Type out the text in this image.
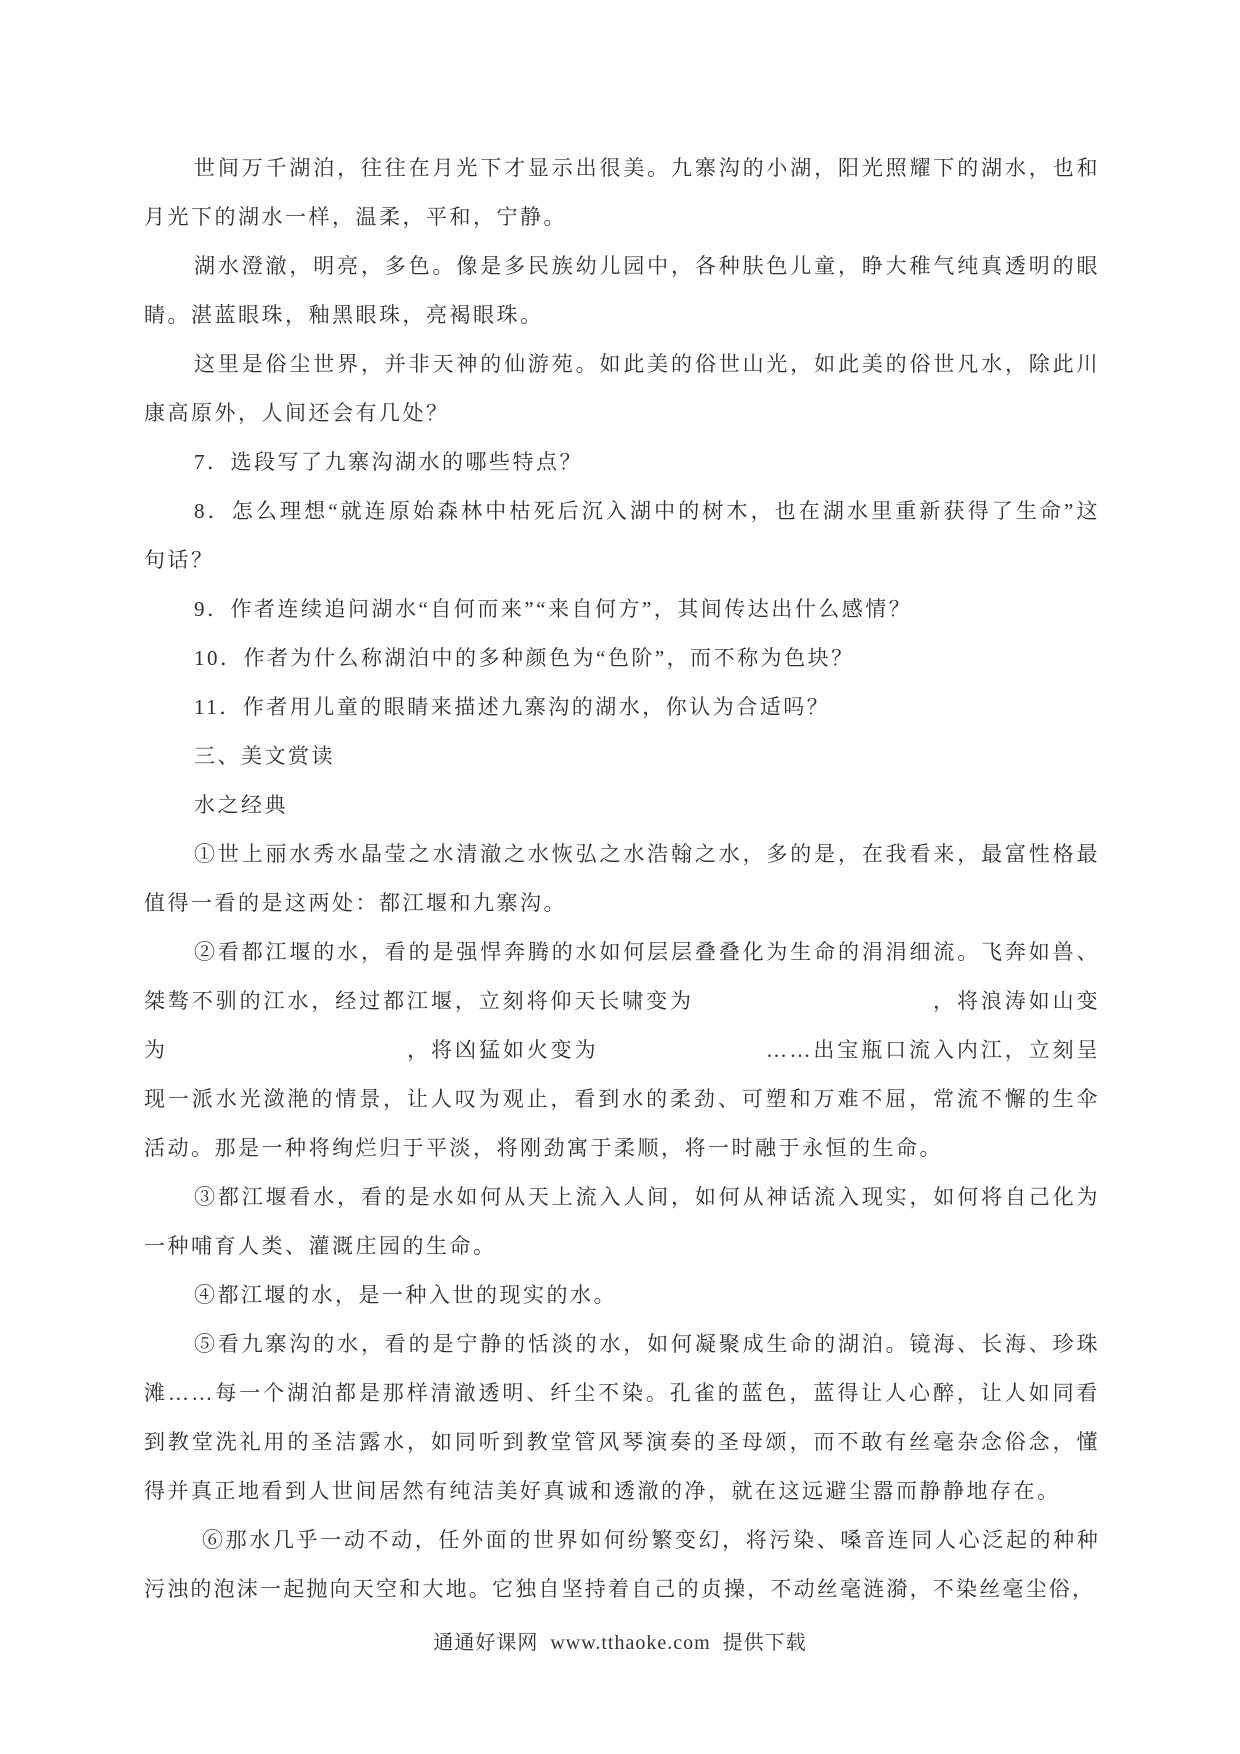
世间万千湖泊，往往在月光下才显示出很美。九寨沟的小湖，阳光照耀下的湖水，也和月光下的湖水一样，温柔，平和，宁静。

湖水澄澈，明亮，多色。像是多民族幼儿园中，各种肤色儿童，睁大稚气纯真透明的眼睛。湛蓝眼珠，釉黑眼珠，亮褐眼珠。

这里是俗尘世界，并非天神的仙游苑。如此美的俗世山光，如此美的俗世凡水，除此川康高原外，人间还会有几处？

7．选段写了九寨沟湖水的哪些特点？

8．怎么理想“就连原始森林中枯死后沉入湖中的树木，也在湖水里重新获得了生命”这句话？

9．作者连续追问湖水“自何而来”“来自何方”，其间传达出什么感情？

10．作者为什么称湖泊中的多种颜色为“色阶”，而不称为色块？

11．作者用儿童的眼睛来描述九寨沟的湖水，你认为合适吗？

三、美文赏读

水之经典

①世上丽水秀水晶莹之水清澈之水恢弘之水浩翰之水，多的是，在我看来，最富性格最值得一看的是这两处：都江堰和九寨沟。

②看都江堰的水，看的是强悍奔腾的水如何层层叠叠化为生命的涓涓细流。飞奔如兽、桀骜不驯的江水，经过都江堰，立刻将仰天长啸变为　　　　　　　　　　，将浪涛如山变为　　　　　　　　　　，将凶猛如火变为　　　　　　　……出宝瓶口流入内江，立刻呈现一派水光潋滟的情景，让人叹为观止，看到水的柔劲、可塑和万难不屈，常流不懈的生伞活动。那是一种将绚烂归于平淡，将刚劲寓于柔顺，将一时融于永恒的生命。

③都江堰看水，看的是水如何从天上流入人间，如何从神话流入现实，如何将自己化为一种哺育人类、灌溉庄园的生命。

④都江堰的水，是一种入世的现实的水。

⑤看九寨沟的水，看的是宁静的恬淡的水，如何凝聚成生命的湖泊。镜海、长海、珍珠滩……每一个湖泊都是那样清澈透明、纤尘不染。孔雀的蓝色，蓝得让人心醉，让人如同看到教堂洗礼用的圣洁露水，如同听到教堂管风琴演奏的圣母颂，而不敢有丝毫杂念俗念，懂得并真正地看到人世间居然有纯洁美好真诚和透澈的净，就在这远避尘嚣而静静地存在。

⑥那水几乎一动不动，任外面的世界如何纷繁变幻，将污染、嗓音连同人心泛起的种种污浊的泡沫一起抛向天空和大地。它独自坚持着自己的贞操，不动丝毫涟漪，不染丝毫尘俗，

通通好课网 www.tthaoke.com 提供下载
